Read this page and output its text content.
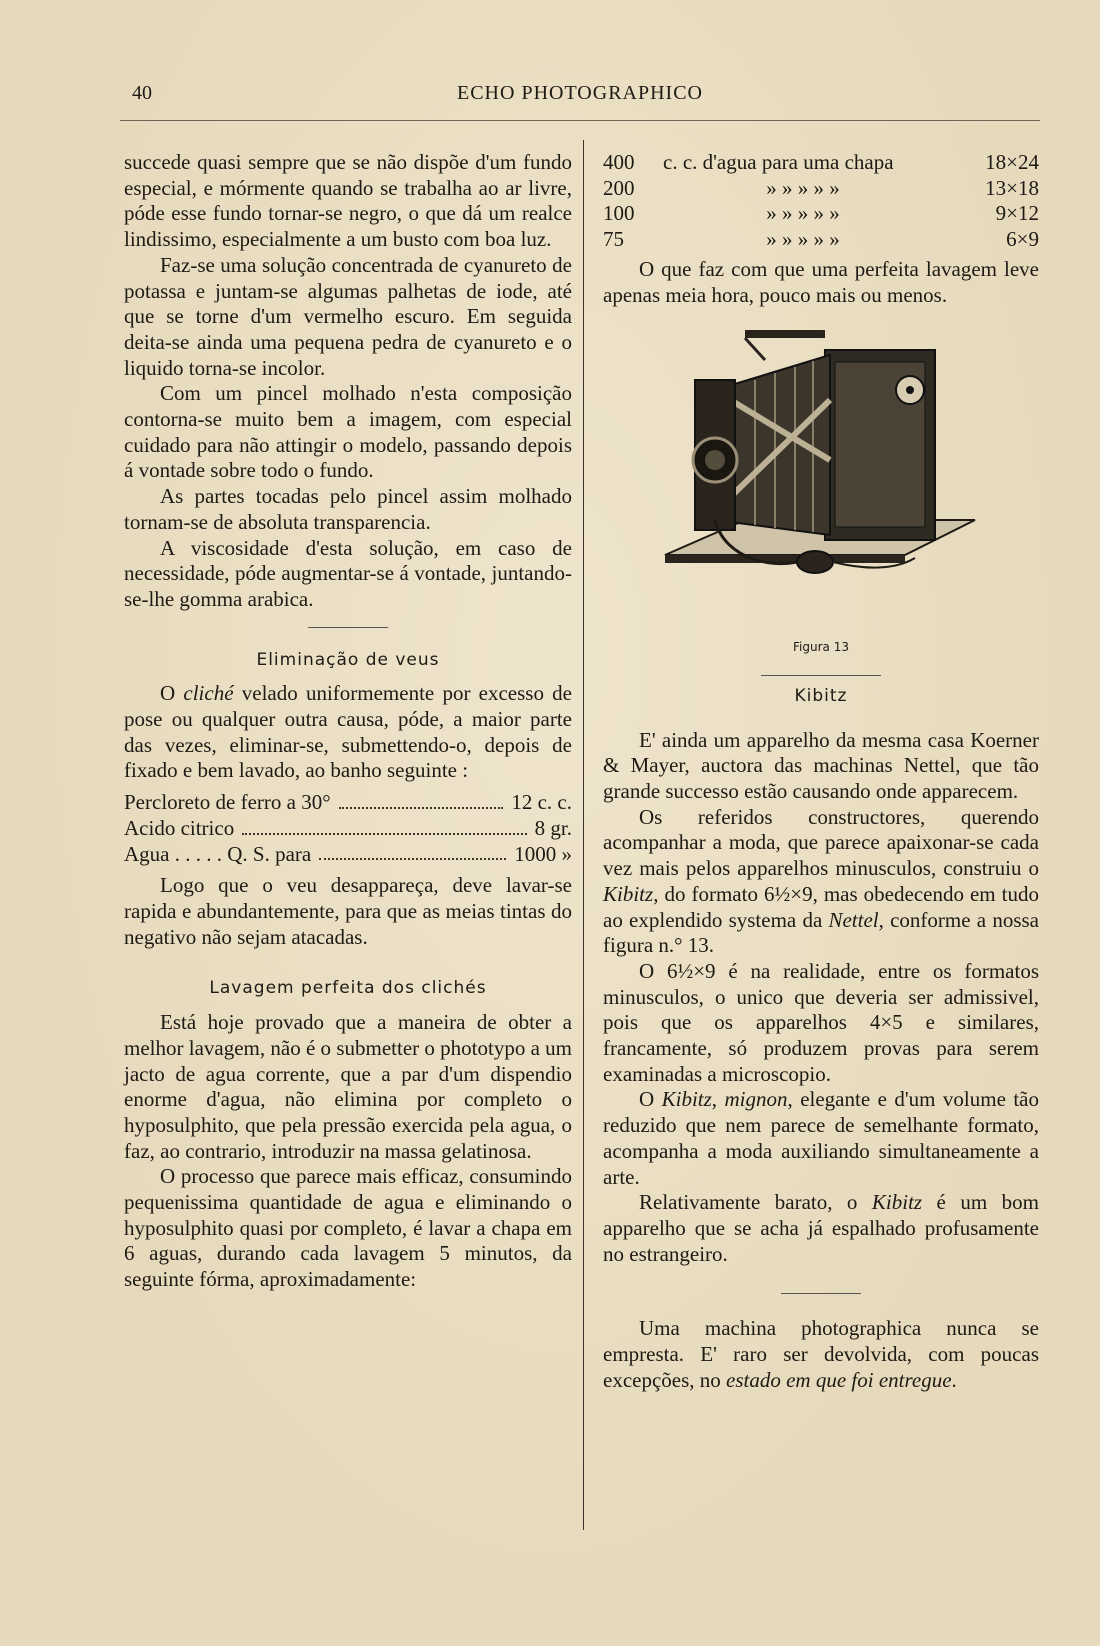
40	ECHO PHOTOGRAPHICO

succede quasi sempre que se não dispõe d'um fundo especial, e mórmente quando se trabalha ao ar livre, póde esse fundo tornar-se negro, o que dá um realce lindissimo, especialmente a um busto com boa luz.

Faz-se uma solução concentrada de cyanureto de potassa e juntam-se algumas palhetas de iode, até que se torne d'um vermelho escuro. Em seguida deita-se ainda uma pequena pedra de cyanureto e o liquido torna-se incolor.

Com um pincel molhado n'esta composição contorna-se muito bem a imagem, com especial cuidado para não attingir o modelo, passando depois á vontade sobre todo o fundo.

As partes tocadas pelo pincel assim molhado tornam-se de absoluta transparencia.

A viscosidade d'esta solução, em caso de necessidade, póde augmentar-se á vontade, juntando-se-lhe gomma arabica.

Eliminação de veus

O cliché velado uniformemente por excesso de pose ou qualquer outra causa, póde, a maior parte das vezes, eliminar-se, submettendo-o, depois de fixado e bem lavado, ao banho seguinte :

Percloreto de ferro a 30°	12 c. c.
Acido citrico	8 gr.
Agua . . . . . Q. S. para	1000 »

Logo que o veu desappareça, deve lavar-se rapida e abundantemente, para que as meias tintas do negativo não sejam atacadas.

Lavagem perfeita dos clichés

Está hoje provado que a maneira de obter a melhor lavagem, não é o submetter o phototypo a um jacto de agua corrente, que a par d'um dispendio enorme d'agua, não elimina por completo o hyposulphito, que pela pressão exercida pela agua, o faz, ao contrario, introduzir na massa gelatinosa.

O processo que parece mais efficaz, consumindo pequenissima quantidade de agua e eliminando o hyposulphito quasi por completo, é lavar a chapa em 6 aguas, durando cada lavagem 5 minutos, da seguinte fórma, aproximadamente:

400	c. c. d'agua para uma chapa	18×24
200	» » » » »	13×18
100	» » » » »	9×12
75	» » » » »	6×9

O que faz com que uma perfeita lavagem leve apenas meia hora, pouco mais ou menos.

Figura 13
Kibitz

E' ainda um apparelho da mesma casa Koerner & Mayer, auctora das machinas Nettel, que tão grande successo estão causando onde apparecem.

Os referidos constructores, querendo acompanhar a moda, que parece apaixonar-se cada vez mais pelos apparelhos minusculos, construiu o Kibitz, do formato 6½×9, mas obedecendo em tudo ao explendido systema da Nettel, conforme a nossa figura n.° 13.

O 6½×9 é na realidade, entre os formatos minusculos, o unico que deveria ser admissivel, pois que os apparelhos 4×5 e similares, francamente, só produzem provas para serem examinadas a microscopio.

O Kibitz, mignon, elegante e d'um volume tão reduzido que nem parece de semelhante formato, acompanha a moda auxiliando simultaneamente a arte.

Relativamente barato, o Kibitz é um bom apparelho que se acha já espalhado profusamente no estrangeiro.

Uma machina photographica nunca se empresta. E' raro ser devolvida, com poucas excepções, no estado em que foi entregue.
